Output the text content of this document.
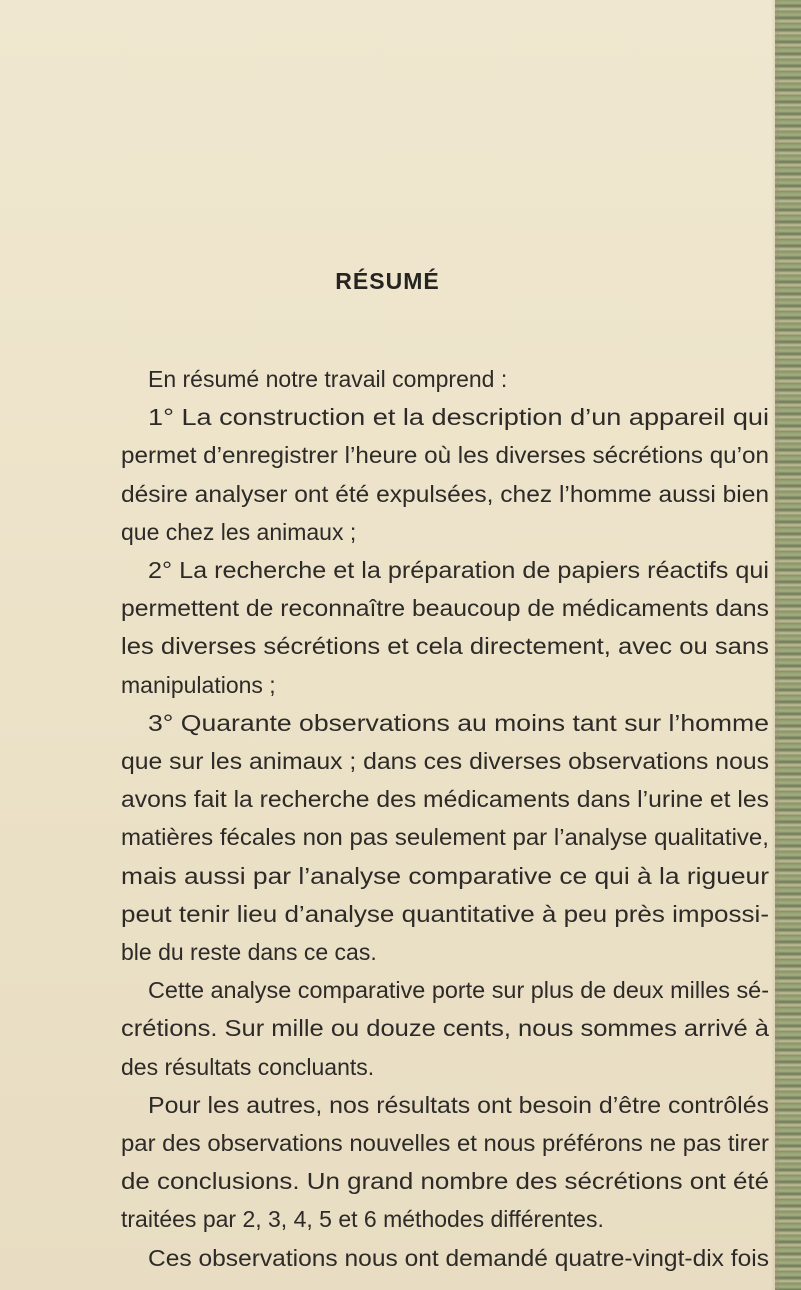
RÉSUMÉ
En résumé notre travail comprend :
1° La construction et la description d’un appareil qui
permet d’enregistrer l’heure où les diverses sécrétions qu’on
désire analyser ont été expulsées, chez l’homme aussi bien
que chez les animaux ;
2° La recherche et la préparation de papiers réactifs qui
permettent de reconnaître beaucoup de médicaments dans
les diverses sécrétions et cela directement, avec ou sans
manipulations ;
3° Quarante observations au moins tant sur l’homme
que sur les animaux ; dans ces diverses observations nous
avons fait la recherche des médicaments dans l’urine et les
matières fécales non pas seulement par l’analyse qualitative,
mais aussi par l’analyse comparative ce qui à la rigueur
peut tenir lieu d’analyse quantitative à peu près impossi-
ble du reste dans ce cas.
Cette analyse comparative porte sur plus de deux milles sé-
crétions. Sur mille ou douze cents, nous sommes arrivé à
des résultats concluants.
Pour les autres, nos résultats ont besoin d’être contrôlés
par des observations nouvelles et nous préférons ne pas tirer
de conclusions. Un grand nombre des sécrétions ont été
traitées par 2, 3, 4, 5 et 6 méthodes différentes.
Ces observations nous ont demandé quatre-vingt-dix fois
